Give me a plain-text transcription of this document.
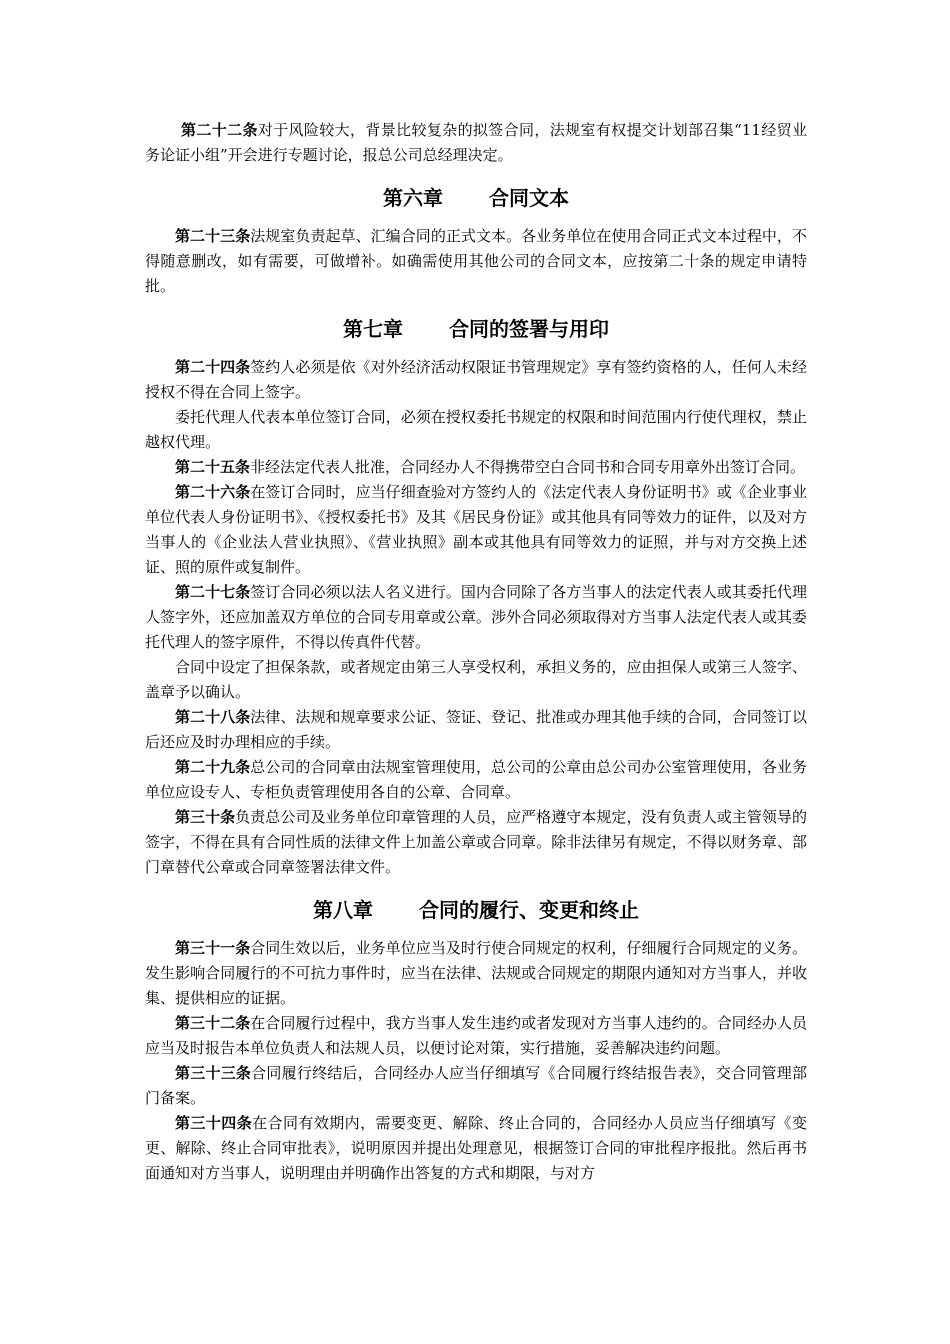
第二十二条对于风险较大，背景比较复杂的拟签合同，法规室有权提交计划部召集“11经贸业务论证小组”开会进行专题讨论，报总公司总经理决定。

第六章 合同文本

第二十三条法规室负责起草、汇编合同的正式文本。各业务单位在使用合同正式文本过程中，不得随意删改，如有需要，可做增补。如确需使用其他公司的合同文本，应按第二十条的规定申请特批。

第七章 合同的签署与用印

第二十四条签约人必须是依《对外经济活动权限证书管理规定》享有签约资格的人，任何人未经授权不得在合同上签字。

委托代理人代表本单位签订合同，必须在授权委托书规定的权限和时间范围内行使代理权，禁止越权代理。

第二十五条非经法定代表人批准，合同经办人不得携带空白合同书和合同专用章外出签订合同。

第二十六条在签订合同时，应当仔细查验对方签约人的《法定代表人身份证明书》或《企业事业单位代表人身份证明书》、《授权委托书》及其《居民身份证》或其他具有同等效力的证件，以及对方当事人的《企业法人营业执照》、《营业执照》副本或其他具有同等效力的证照，并与对方交换上述证、照的原件或复制件。

第二十七条签订合同必须以法人名义进行。国内合同除了各方当事人的法定代表人或其委托代理人签字外，还应加盖双方单位的合同专用章或公章。涉外合同必须取得对方当事人法定代表人或其委托代理人的签字原件，不得以传真件代替。

合同中设定了担保条款，或者规定由第三人享受权利，承担义务的，应由担保人或第三人签字、盖章予以确认。

第二十八条法律、法规和规章要求公证、签证、登记、批准或办理其他手续的合同，合同签订以后还应及时办理相应的手续。

第二十九条总公司的合同章由法规室管理使用，总公司的公章由总公司办公室管理使用，各业务单位应设专人、专柜负责管理使用各自的公章、合同章。

第三十条负责总公司及业务单位印章管理的人员，应严格遵守本规定，没有负责人或主管领导的签字，不得在具有合同性质的法律文件上加盖公章或合同章。除非法律另有规定，不得以财务章、部门章替代公章或合同章签署法律文件。

第八章 合同的履行、变更和终止

第三十一条合同生效以后，业务单位应当及时行使合同规定的权利，仔细履行合同规定的义务。发生影响合同履行的不可抗力事件时，应当在法律、法规或合同规定的期限内通知对方当事人，并收集、提供相应的证据。

第三十二条在合同履行过程中，我方当事人发生违约或者发现对方当事人违约的。合同经办人员应当及时报告本单位负责人和法规人员，以便讨论对策，实行措施，妥善解决违约问题。

第三十三条合同履行终结后，合同经办人应当仔细填写《合同履行终结报告表》，交合同管理部门备案。

第三十四条在合同有效期内，需要变更、解除、终止合同的，合同经办人员应当仔细填写《变更、解除、终止合同审批表》，说明原因并提出处理意见，根据签订合同的审批程序报批。然后再书面通知对方当事人，说明理由并明确作出答复的方式和期限，与对方
